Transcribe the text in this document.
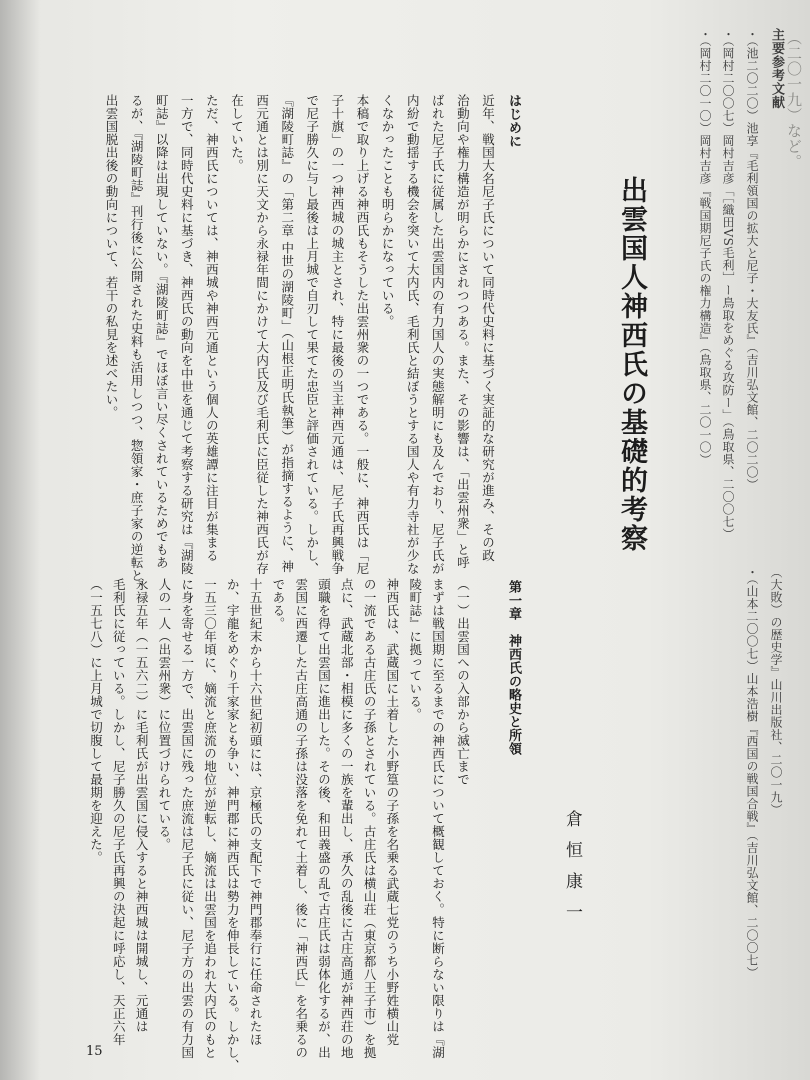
（二〇一九）など。
主要参考文献
・（池二〇二〇）池享『毛利領国の拡大と尼子・大友氏』（吉川弘文館、二〇二〇）
・（岡村二〇〇七）岡村吉彦「［織田VS毛利］ー鳥取をめぐる攻防ー」（鳥取県、二〇〇七）
・（岡村二〇一〇）岡村吉彦『戦国期尼子氏の権力構造』（鳥取県、二〇一〇）
（大敗）の歴史学』山川出版社、二〇一九）
・（山本二〇〇七）山本浩樹『西国の戦国合戦』（吉川弘文館、二〇〇七）
出雲国人神西氏の基礎的考察
はじめに
近年、戦国大名尼子氏について同時代史料に基づく実証的な研究が進み、その政
治動向や権力構造が明らかにされつつある。また、その影響は、「出雲州衆」と呼
ばれた尼子氏に従属した出雲国内の有力国人の実態解明にも及んでおり、尼子氏が
内紛で動揺する機会を突いて大内氏、毛利氏と結ぼうとする国人や有力寺社が少な
くなかったことも明らかになっている。
本稿で取り上げる神西氏もそうした出雲州衆の一つである。一般に、神西氏は「尼
子十旗」の一つ神西城の城主とされ、特に最後の当主神西元通は、尼子氏再興戦争
で尼子勝久に与し最後は上月城で自刃して果てた忠臣と評価されている。しかし、
『湖陵町誌』の「第二章 中世の湖陵町」（山根正明氏執筆）が指摘するように、神
西元通とは別に天文から永禄年間にかけて大内氏及び毛利氏に臣従した神西氏が存
在していた。
ただ、神西氏については、神西城や神西元通という個人の英雄譚に注目が集まる
一方で、同時代史料に基づき、神西氏の動向を中世を通じて考察する研究は『湖陵
町誌』以降は出現していない。『湖陵町誌』でほぼ言い尽くされているためでもあ
るが、『湖陵町誌』刊行後に公開された史料も活用しつつ、惣領家・庶子家の逆転と、
出雲国脱出後の動向について、若干の私見を述べたい。
倉恒康一
第一章　神西氏の略史と所領
（一）出雲国への入部から滅亡まで
まずは戦国期に至るまでの神西氏について概観しておく。特に断らない限りは『湖
陵町誌』に拠っている。
神西氏は、武蔵国に土着した小野篁の子孫を名乗る武蔵七党のうち小野姓横山党
の一流である古庄氏の子孫とされている。古庄氏は横山荘（東京都八王子市）を拠
点に、武蔵北部・相模に多くの一族を輩出し、承久の乱後に古庄高通が神西荘の地
頭職を得て出雲国に進出した。その後、和田義盛の乱で古庄氏は弱体化するが、出
雲国に西遷した古庄高通の子孫は没落を免れて土着し、後に「神西氏」を名乗るの
である。
十五世紀末から十六世紀初頭には、京極氏の支配下で神門郡奉行に任命されたほ
か、宇龍をめぐり千家家とも争い、神門郡に神西氏は勢力を伸長している。しかし、
一五三〇年頃に、嫡流と庶流の地位が逆転し、嫡流は出雲国を追われ大内氏のもと
に身を寄せる一方で、出雲国に残った庶流は尼子氏に従い、尼子方の出雲の有力国
人の一人（出雲州衆）に位置づけられている。
永禄五年（一五六二）に毛利氏が出雲国に侵入すると神西城は開城し、元通は
毛利氏に従っている。しかし、尼子勝久の尼子氏再興の決起に呼応し、天正六年
（一五七八）に上月城で切腹して最期を迎えた。
15
